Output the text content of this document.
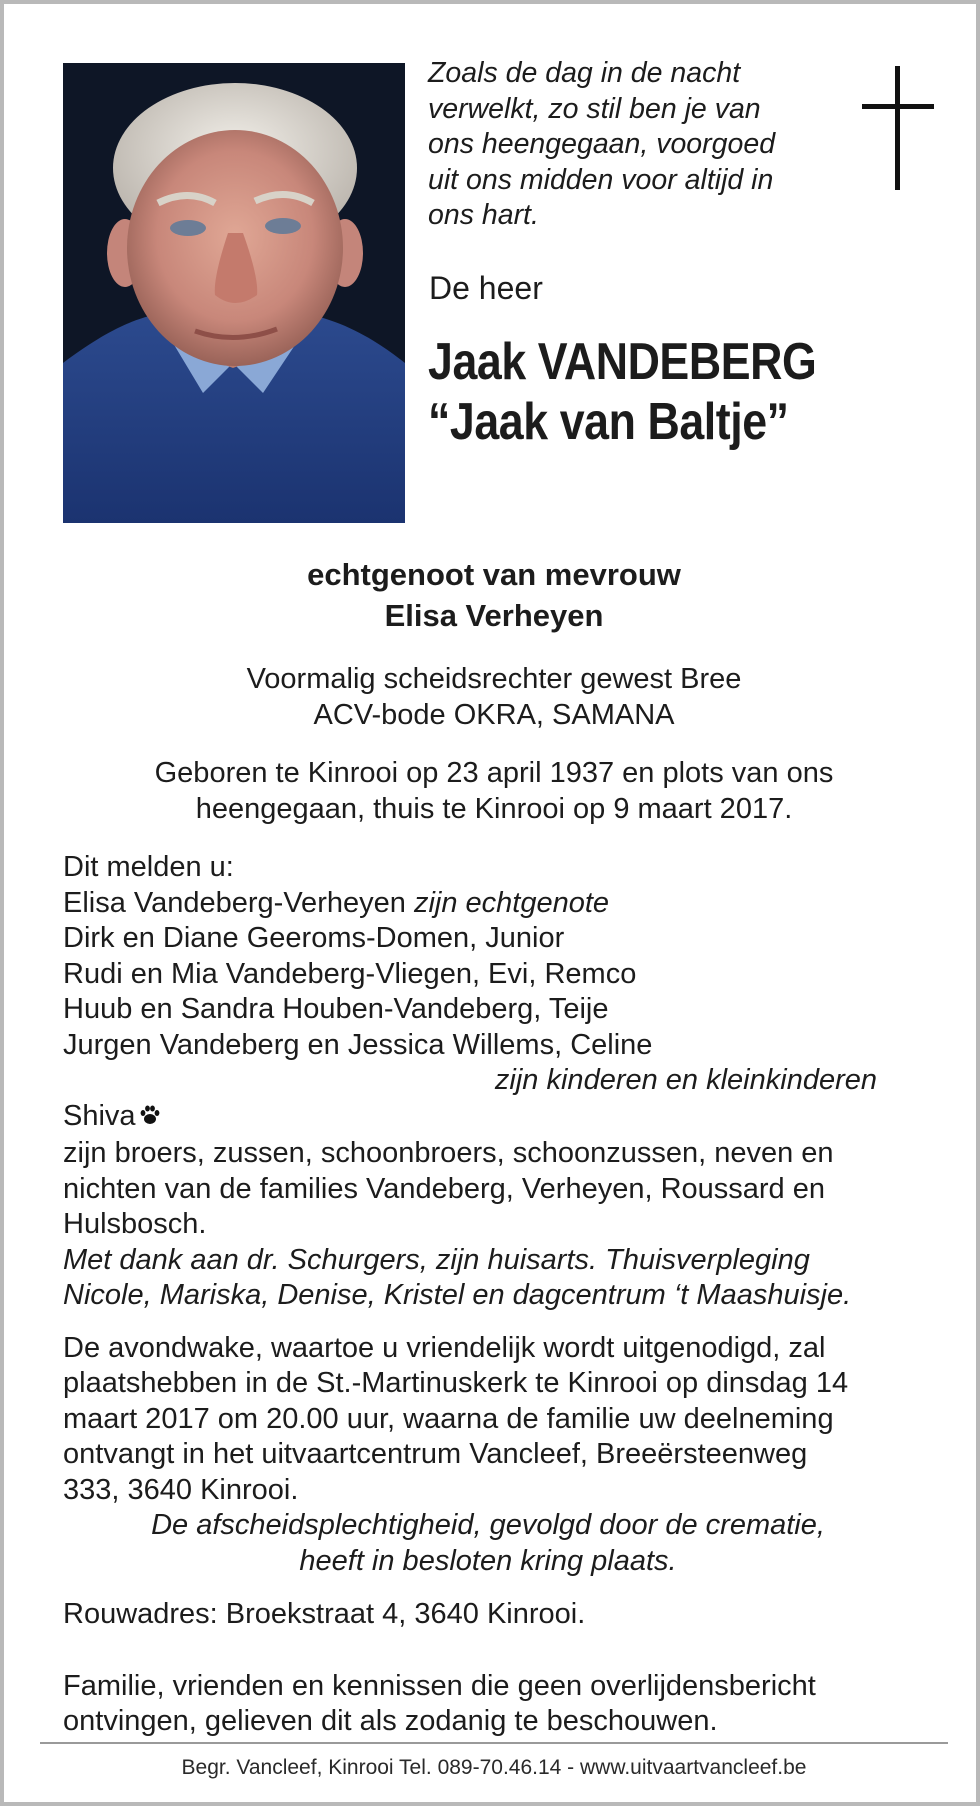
Zoals de dag in de nacht
verwelkt, zo stil ben je van
ons heengegaan, voorgoed
uit ons midden voor altijd in
ons hart.
De heer
Jaak VANDEBERG
“Jaak van Baltje”
echtgenoot van mevrouw
Elisa Verheyen
Voormalig scheidsrechter gewest Bree
ACV-bode OKRA, SAMANA
Geboren te Kinrooi op 23 april 1937 en plots van ons
heengegaan, thuis te Kinrooi op 9 maart 2017.
Dit melden u:
Elisa Vandeberg-Verheyen zijn echtgenote
Dirk en Diane Geeroms-Domen, Junior
Rudi en Mia Vandeberg-Vliegen, Evi, Remco
Huub en Sandra Houben-Vandeberg, Teije
Jurgen Vandeberg en Jessica Willems, Celine
zijn kinderen en kleinkinderen
Shiva
zijn broers, zussen, schoonbroers, schoonzussen, neven en
nichten van de families Vandeberg, Verheyen, Roussard en
Hulsbosch.
Met dank aan dr. Schurgers, zijn huisarts. Thuisverpleging
Nicole, Mariska, Denise, Kristel en dagcentrum ‘t Maashuisje.
De avondwake, waartoe u vriendelijk wordt uitgenodigd, zal
plaatshebben in de St.-Martinuskerk te Kinrooi op dinsdag 14
maart 2017 om 20.00 uur, waarna de familie uw deelneming
ontvangt in het uitvaartcentrum Vancleef, Breeërsteenweg
333, 3640 Kinrooi.
De afscheidsplechtigheid, gevolgd door de crematie,
heeft in besloten kring plaats.
Rouwadres: Broekstraat 4, 3640 Kinrooi.
Familie, vrienden en kennissen die geen overlijdensbericht
ontvingen, gelieven dit als zodanig te beschouwen.
Begr. Vancleef, Kinrooi Tel. 089-70.46.14 - www.uitvaartvancleef.be
